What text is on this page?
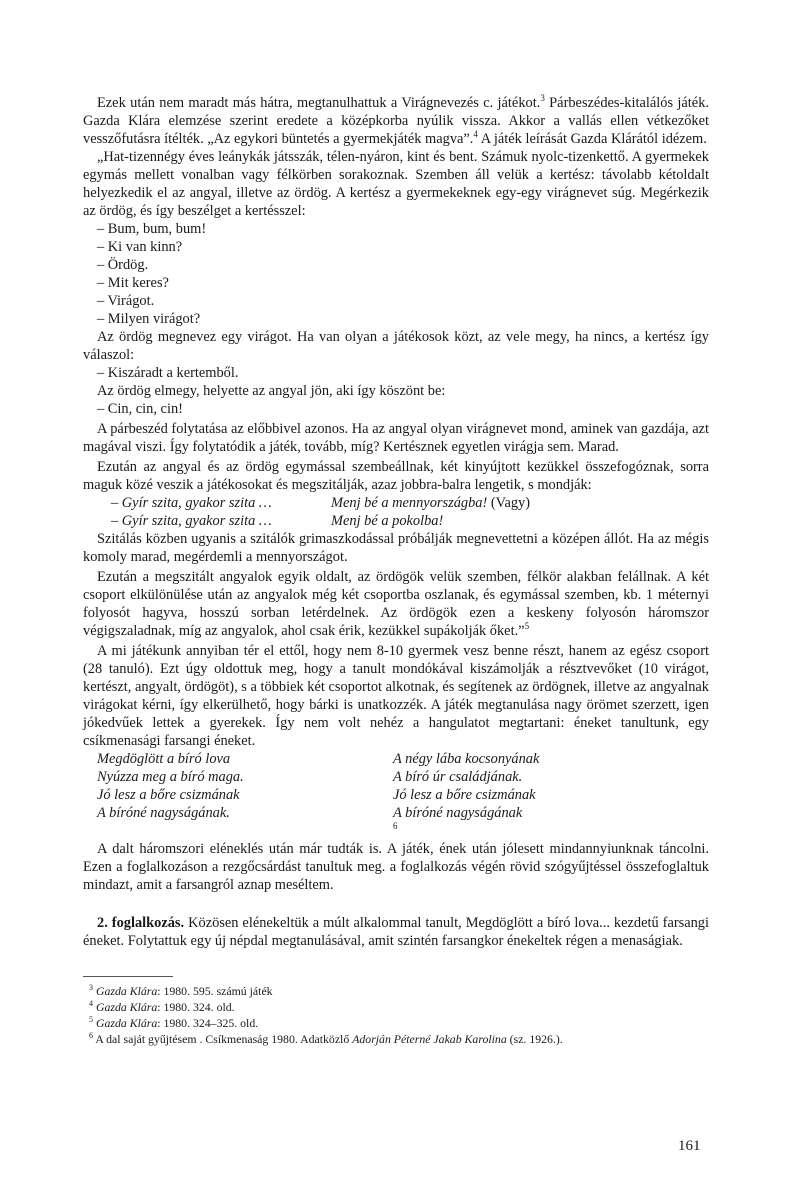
Ezek után nem maradt más hátra, megtanulhattuk a Virágnevezés c. játékot.$^3$ Párbeszédes-kitalálós játék. Gazda Klára elemzése szerint eredete a középkorba nyúlik vissza. Akkor a vallás ellen vétkezőket vesszőfutásra ítélték. „Az egykori büntetés a gyermekjáték magva”.$^4$ A játék leírását Gazda Klárától idézem.

„Hat-tizennégy éves leánykák játsszák, télen-nyáron, kint és bent. Számuk nyolc-tizenkettő. A gyermekek egymás mellett vonalban vagy félkörben sorakoznak. Szemben áll velük a kertész: távolabb kétoldalt helyezkedik el az angyal, illetve az ördög. A kertész a gyermekeknek egy-egy virágnevet súg. Megérkezik az ördög, és így beszélget a kertésszel:

– Bum, bum, bum!

– Ki van kinn?

– Ördög.

– Mit keres?

– Virágot.

– Milyen virágot?

Az ördög megnevez egy virágot. Ha van olyan a játékosok közt, az vele megy, ha nincs, a kertész így válaszol:

– Kiszáradt a kertemből.

Az ördög elmegy, helyette az angyal jön, aki így köszönt be:

– Cin, cin, cin!

A párbeszéd folytatása az előbbivel azonos. Ha az angyal olyan virágnevet mond, aminek van gazdája, azt magával viszi. Így folytatódik a játék, tovább, míg? Kertésznek egyetlen virágja sem. Marad.

Ezután az angyal és az ördög egymással szembeállnak, két kinyújtott kezükkel összefogóznak, sorra maguk közé veszik a játékosokat és megszitálják, azaz jobbra-balra lengetik, s mondják:

– Gyír szita, gyakor szita …	Menj bé a mennyországba! (Vagy)
– Gyír szita, gyakor szita …	Menj bé a pokolba!

Szitálás közben ugyanis a szitálók grimaszkodással próbálják megnevettetni a középen állót. Ha az mégis komoly marad, megérdemli a mennyországot.

Ezután a megszitált angyalok egyik oldalt, az ördögök velük szemben, félkör alakban felállnak. A két csoport elkülönülése után az angyalok még két csoportba oszlanak, és egymással szemben, kb. 1 méternyi folyosót hagyva, hosszú sorban letérdelnek. Az ördögök ezen a keskeny folyosón háromszor végigszaladnak, míg az angyalok, ahol csak érik, kezükkel supákolják őket.”$^5$

A mi játékunk annyiban tér el ettől, hogy nem 8-10 gyermek vesz benne részt, hanem az egész csoport (28 tanuló). Ezt úgy oldottuk meg, hogy a tanult mondókával kiszámolják a résztvevőket (10 virágot, kertészt, angyalt, ördögöt), s a többiek két csoportot alkotnak, és segítenek az ördögnek, illetve az angyalnak virágokat kérni, így elkerülhető, hogy bárki is unatkozzék. A játék megtanulása nagy örömet szerzett, igen jókedvűek lettek a gyerekek. Így nem volt nehéz a hangulatot megtartani: éneket tanultunk, egy csíkmenasági farsangi éneket.

Megdöglött a bíró lova	A négy lába kocsonyának
Nyúzza meg a bíró maga.	A bíró úr családjának.
Jó lesz a bőre csizmának	Jó lesz a bőre csizmának
A bíróné nagyságának.	A bíróné nagyságának
$^6$

A dalt háromszori eléneklés után már tudták is. A játék, ének után jólesett mindannyiunknak táncolni. Ezen a foglalkozáson a rezgőcsárdást tanultuk meg. a foglalkozás végén rövid szógyűjtéssel összefoglaltuk mindazt, amit a farsangról aznap meséltem.

2. foglalkozás. Közösen elénekeltük a múlt alkalommal tanult, Megdöglött a bíró lova... kezdetű farsangi éneket. Folytattuk egy új népdal megtanulásával, amit szintén farsangkor énekeltek régen a menaságiak.

$^3$ Gazda Klára: 1980. 595. számú játék
$^4$ Gazda Klára: 1980. 324. old.
$^5$ Gazda Klára: 1980. 324–325. old.
$^6$ A dal saját gyűjtésem . Csíkmenaság 1980. Adatközlő Adorján Péterné Jakab Karolina (sz. 1926.).
161
